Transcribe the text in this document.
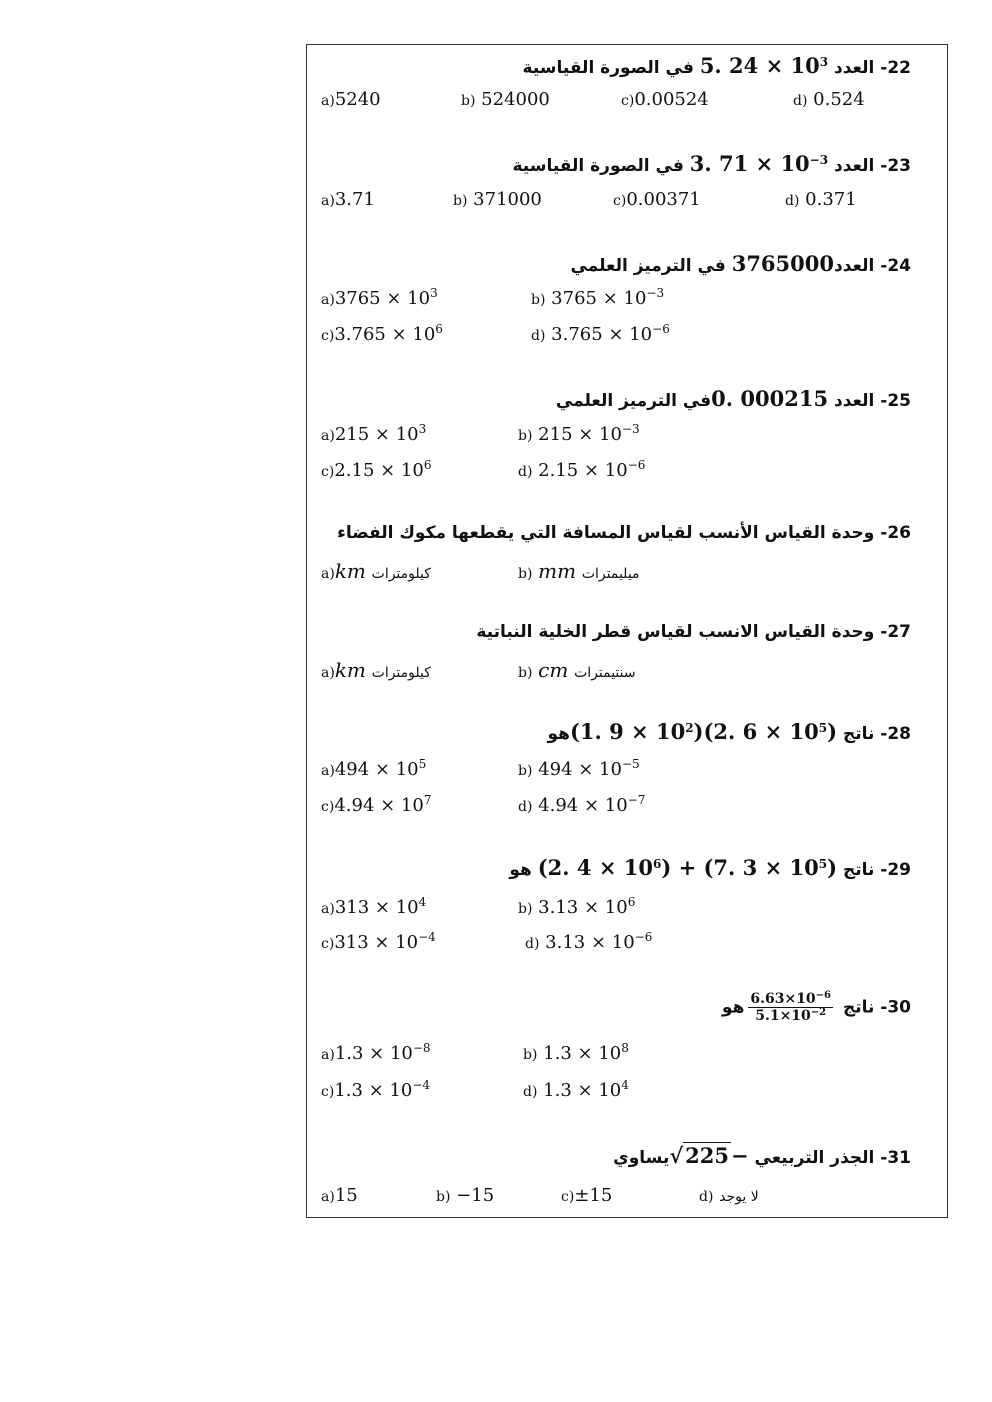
22- العدد 5. $24 \times 10^3$ في الصورة القياسية
a)5240	b) 524000	c)0.00524	d) 0.524
23- العدد 3. $71 \times 10^{-3}$ في الصورة القياسية
a)3.71	b) 371000	c)0.00371	d) 0.371
24- العدد3765000 في الترميز العلمي
$a)3765 \times 10^3$	b) $3765 \times 10^{-3}$
$c)3.765 \times 10^6$	d) $3.765 \times 10^{-6}$
25- العدد 0. 000215في الترميز العلمي
$a)215 \times 10^3$	b) $215 \times 10^{-3}$
$c)2.15 \times 10^6$	d) $2.15 \times 10^{-6}$
26- وحدة القياس الأنسب لقياس المسافة التي يقطعها مكوك الفضاء
a)km كيلومترات	b) mm ميليمترات
27- وحدة القياس الانسب لقياس قطر الخلية النباتية
a)km كيلومترات	b) cm سنتيمترات
28- ناتج (1. $9 \times 10^2)(2$. $6 \times 10^5)هو$
$a)494 \times 10^5$	b) $494 \times 10^{-5}$
$c)4.94 \times 10^7$	d) $4.94 \times 10^{-7}$
29- ناتج (2. $4 \times 10^6) + (7$. $3 \times 10^5$) هو
$a)313 \times 10^4$	b) $3.13 \times 10^6$
$c)313 \times 10^{-4}$	d) $3.13 \times 10^{-6}$
30- ناتج
$\frac{6.63\times 10^{-6}}{5.1\times 10^{-2}}$
هو
$a)1.3 \times 10^{-8}$	b) $1.3 \times 10^8$
$c)1.3 \times 10^{-4}$	d) $1.3 \times 10^4$
31- الجذر التربيعي √225−يساوي
a)15	b) −15	c)±15	d) لا يوجد
